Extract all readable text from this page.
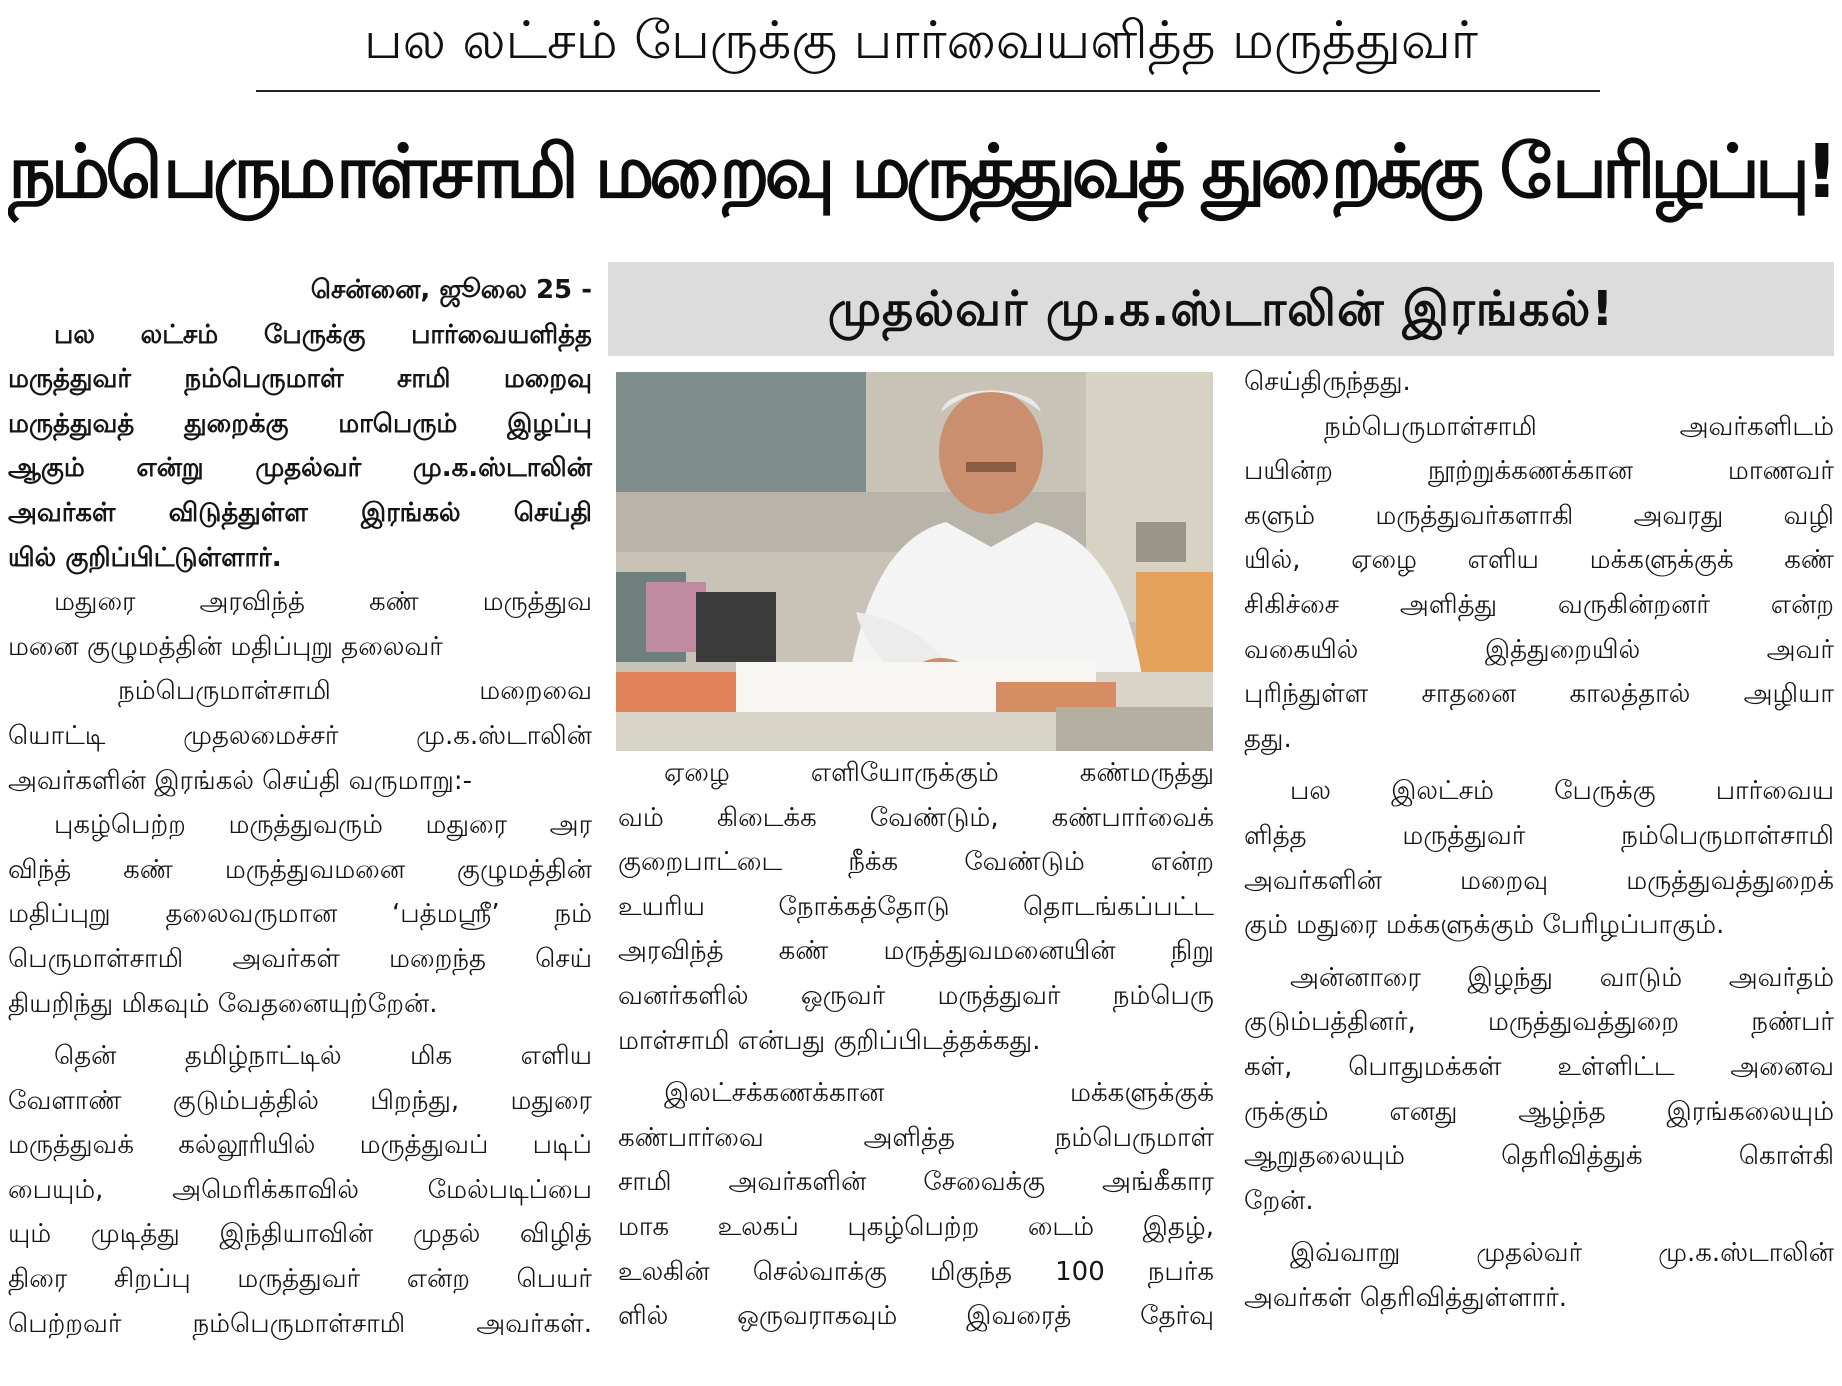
பல லட்சம் பேருக்கு பார்வையளித்த மருத்துவர்
நம்பெருமாள்சாமி மறைவு மருத்துவத் துறைக்கு பேரிழப்பு!
முதல்வர் மு.க.ஸ்டாலின் இரங்கல்!

சென்னை, ஜூலை 25 -

பல லட்சம் பேருக்கு பார்வையளித்த

மருத்துவர் நம்பெருமாள் சாமி மறைவு

மருத்துவத் துறைக்கு மாபெரும் இழப்பு

ஆகும் என்று முதல்வர் மு.க.ஸ்டாலின்

அவர்கள் விடுத்துள்ள இரங்கல் செய்தி

யில் குறிப்பிட்டுள்ளார்.

மதுரை அரவிந்த் கண் மருத்துவ

மனை குழுமத்தின் மதிப்புறு தலைவர்

நம்பெருமாள்சாமி மறைவை

யொட்டி முதலமைச்சர் மு.க.ஸ்டாலின்

அவர்களின் இரங்கல் செய்தி வருமாறு:-

புகழ்பெற்ற மருத்துவரும் மதுரை அர

விந்த் கண் மருத்துவமனை குழுமத்தின்

மதிப்புறு தலைவருமான ‘பத்மஸ்ரீ’ நம்

பெருமாள்சாமி அவர்கள் மறைந்த செய்

தியறிந்து மிகவும் வேதனையுற்றேன்.

தென் தமிழ்நாட்டில் மிக எளிய

வேளாண் குடும்பத்தில் பிறந்து, மதுரை

மருத்துவக் கல்லூரியில் மருத்துவப் படிப்

பையும், அமெரிக்காவில் மேல்படிப்பை

யும் முடித்து இந்தியாவின் முதல் விழித்

திரை சிறப்பு மருத்துவர் என்ற பெயர்

பெற்றவர் நம்பெருமாள்சாமி அவர்கள்.

ஏழை எளியோருக்கும் கண்மருத்து

வம் கிடைக்க வேண்டும், கண்பார்வைக்

குறைபாட்டை நீக்க வேண்டும் என்ற

உயரிய நோக்கத்தோடு தொடங்கப்பட்ட

அரவிந்த் கண் மருத்துவமனையின் நிறு

வனர்களில் ஒருவர் மருத்துவர் நம்பெரு

மாள்சாமி என்பது குறிப்பிடத்தக்கது.

இலட்சக்கணக்கான மக்களுக்குக்

கண்பார்வை அளித்த நம்பெருமாள்

சாமி அவர்களின் சேவைக்கு அங்கீகார

மாக உலகப் புகழ்பெற்ற டைம் இதழ்,

உலகின் செல்வாக்கு மிகுந்த 100 நபர்க

ளில் ஒருவராகவும் இவரைத் தேர்வு

செய்திருந்தது.

நம்பெருமாள்சாமி அவர்களிடம்

பயின்ற நூற்றுக்கணக்கான மாணவர்

களும் மருத்துவர்களாகி அவரது வழி

யில், ஏழை எளிய மக்களுக்குக் கண்

சிகிச்சை அளித்து வருகின்றனர் என்ற

வகையில் இத்துறையில் அவர்

புரிந்துள்ள சாதனை காலத்தால் அழியா

தது.

பல இலட்சம் பேருக்கு பார்வைய

ளித்த மருத்துவர் நம்பெருமாள்சாமி

அவர்களின் மறைவு மருத்துவத்துறைக்

கும் மதுரை மக்களுக்கும் பேரிழப்பாகும்.

அன்னாரை இழந்து வாடும் அவர்தம்

குடும்பத்தினர், மருத்துவத்துறை நண்பர்

கள், பொதுமக்கள் உள்ளிட்ட அனைவ

ருக்கும் எனது ஆழ்ந்த இரங்கலையும்

ஆறுதலையும் தெரிவித்துக் கொள்கி

றேன்.

இவ்வாறு முதல்வர் மு.க.ஸ்டாலின்

அவர்கள் தெரிவித்துள்ளார்.
